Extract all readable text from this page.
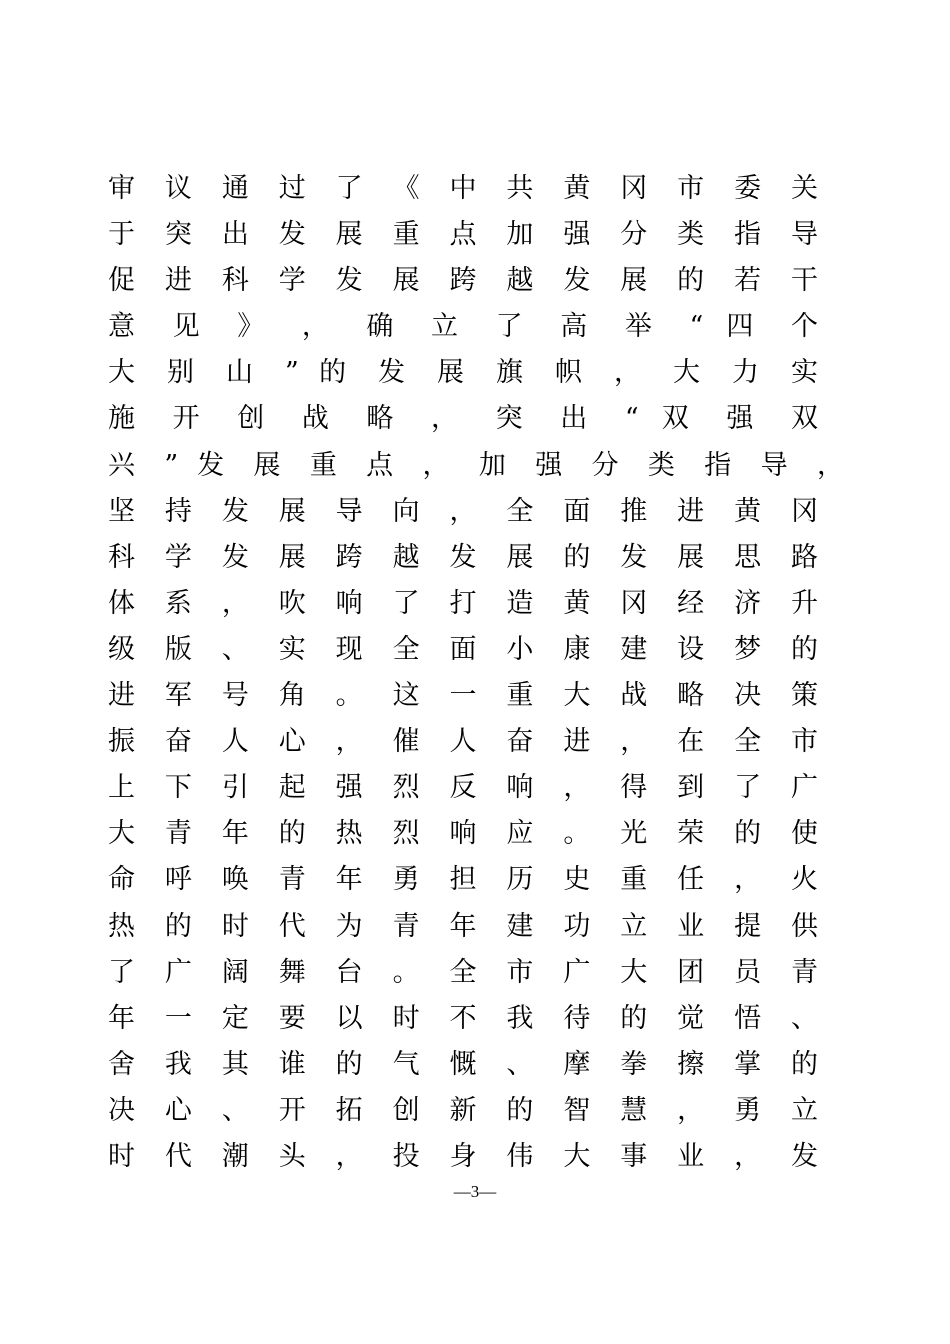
审 议 通 过 了 《 中 共 黄 冈 市 委 关
于 突 出 发 展 重 点 加 强 分 类 指 导
促 进 科 学 发 展 跨 越 发 展 的 若 干
意 见 》 ， 确 立 了 高 举 “ 四 个
大 别 山 ” 的 发 展 旗 帜 ， 大 力 实
施 开 创 战 略 ， 突 出 “ 双 强 双
兴 ” 发 展 重 点 ， 加 强 分 类 指 导 ，
坚 持 发 展 导 向 ， 全 面 推 进 黄 冈
科 学 发 展 跨 越 发 展 的 发 展 思 路
体 系 ， 吹 响 了 打 造 黄 冈 经 济 升
级 版 、 实 现 全 面 小 康 建 设 梦 的
进 军 号 角 。 这 一 重 大 战 略 决 策
振 奋 人 心 ， 催 人 奋 进 ， 在 全 市
上 下 引 起 强 烈 反 响 ， 得 到 了 广
大 青 年 的 热 烈 响 应 。 光 荣 的 使
命 呼 唤 青 年 勇 担 历 史 重 任 ， 火
热 的 时 代 为 青 年 建 功 立 业 提 供
了 广 阔 舞 台 。 全 市 广 大 团 员 青
年 一 定 要 以 时 不 我 待 的 觉 悟 、
舍 我 其 谁 的 气 慨 、 摩 拳 擦 掌 的
决 心 、 开 拓 创 新 的 智 慧 ， 勇 立
时 代 潮 头 ， 投 身 伟 大 事 业 ， 发
—3—
